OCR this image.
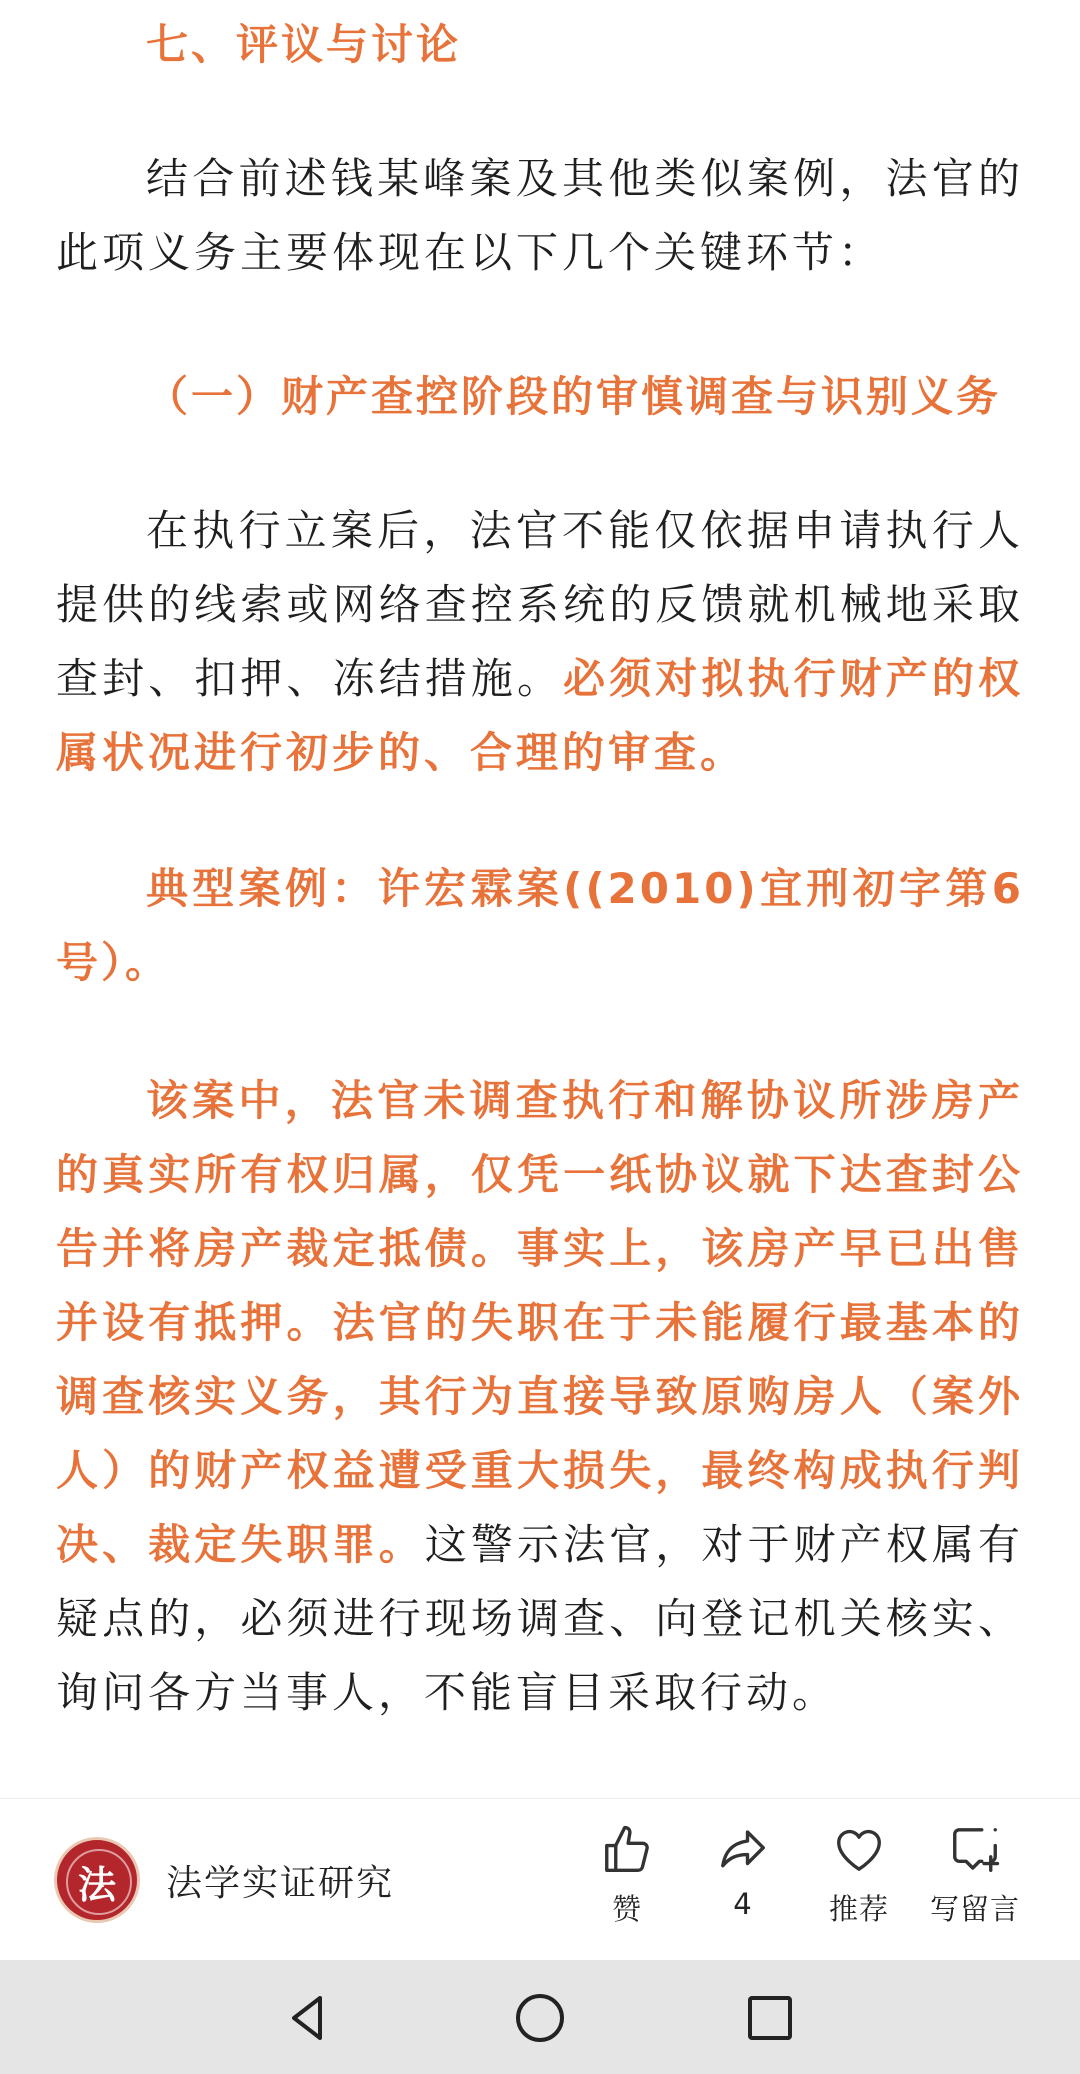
七、评议与讨论

结合前述钱某峰案及其他类似案例，法官的此项义务主要体现在以下几个关键环节：

（一）财产查控阶段的审慎调查与识别义务

在执行立案后，法官不能仅依据申请执行人提供的线索或网络查控系统的反馈就机械地采取查封、扣押、冻结措施。必须对拟执行财产的权属状况进行初步的、合理的审查。

典型案例：许宏霖案((2010)宜刑初字第6号）。

该案中，法官未调查执行和解协议所涉房产的真实所有权归属，仅凭一纸协议就下达查封公告并将房产裁定抵债。事实上，该房产早已出售并设有抵押。法官的失职在于未能履行最基本的调查核实义务，其行为直接导致原购房人（案外人）的财产权益遭受重大损失，最终构成执行判决、裁定失职罪。这警示法官，对于财产权属有疑点的，必须进行现场调查、向登记机关核实、询问各方当事人，不能盲目采取行动。

法	法学实证研究
赞	4	推荐	写留言
